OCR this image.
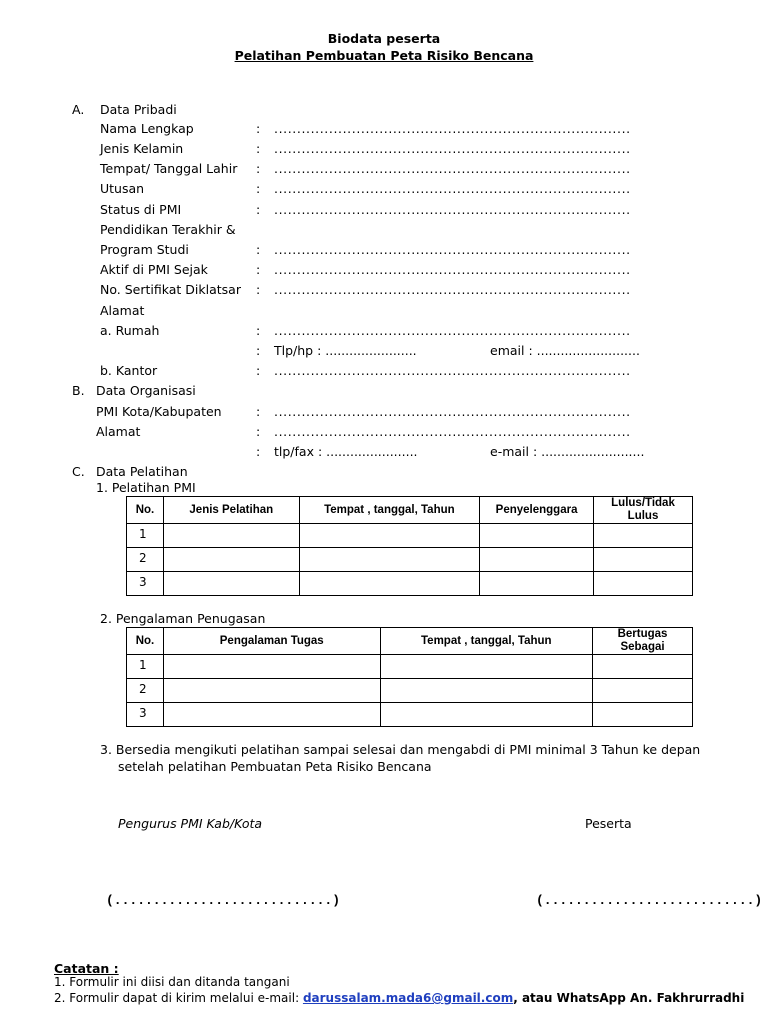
Biodata peserta
Pelatihan Pembuatan Peta Risiko Bencana
A. Data Pribadi
Nama Lengkap	: ..............................................................................
Jenis Kelamin	: ..............................................................................
Tempat/ Tanggal Lahir : ..............................................................................
Utusan	: ..............................................................................
Status di PMI	: ..............................................................................
Pendidikan Terakhir &
Program Studi	: ..............................................................................
Aktif di PMI Sejak	: ..............................................................................
No. Sertifikat Diklatsar : ..............................................................................
Alamat
a. Rumah	: ..............................................................................
: Tlp/hp : .......................	email : ..........................
b. Kantor	: ..............................................................................
B. Data Organisasi
PMI Kota/Kabupaten	: ..............................................................................
Alamat	: ..............................................................................
: tlp/fax : .......................	e-mail : ..........................
C. Data Pelatihan
1. Pelatihan PMI
No.	Jenis Pelatihan	Tempat , tanggal, Tahun	Penyelenggara	Lulus/Tidak Lulus
1				
2				
3				
2. Pengalaman Penugasan
No.	Pengalaman Tugas	Tempat , tanggal, Tahun	Bertugas Sebagai
1			
2			
3			
3. Bersedia mengikuti pelatihan sampai selesai dan mengabdi di PMI minimal 3 Tahun ke depan
setelah pelatihan Pembuatan Peta Risiko Bencana
Pengurus PMI Kab/Kota	Peserta
(............................)	(...........................)
Catatan :
1. Formulir ini diisi dan ditanda tangani
2. Formulir dapat di kirim melalui e-mail: darussalam.mada6@gmail.com, atau WhatsApp An. Fakhrurradhi
